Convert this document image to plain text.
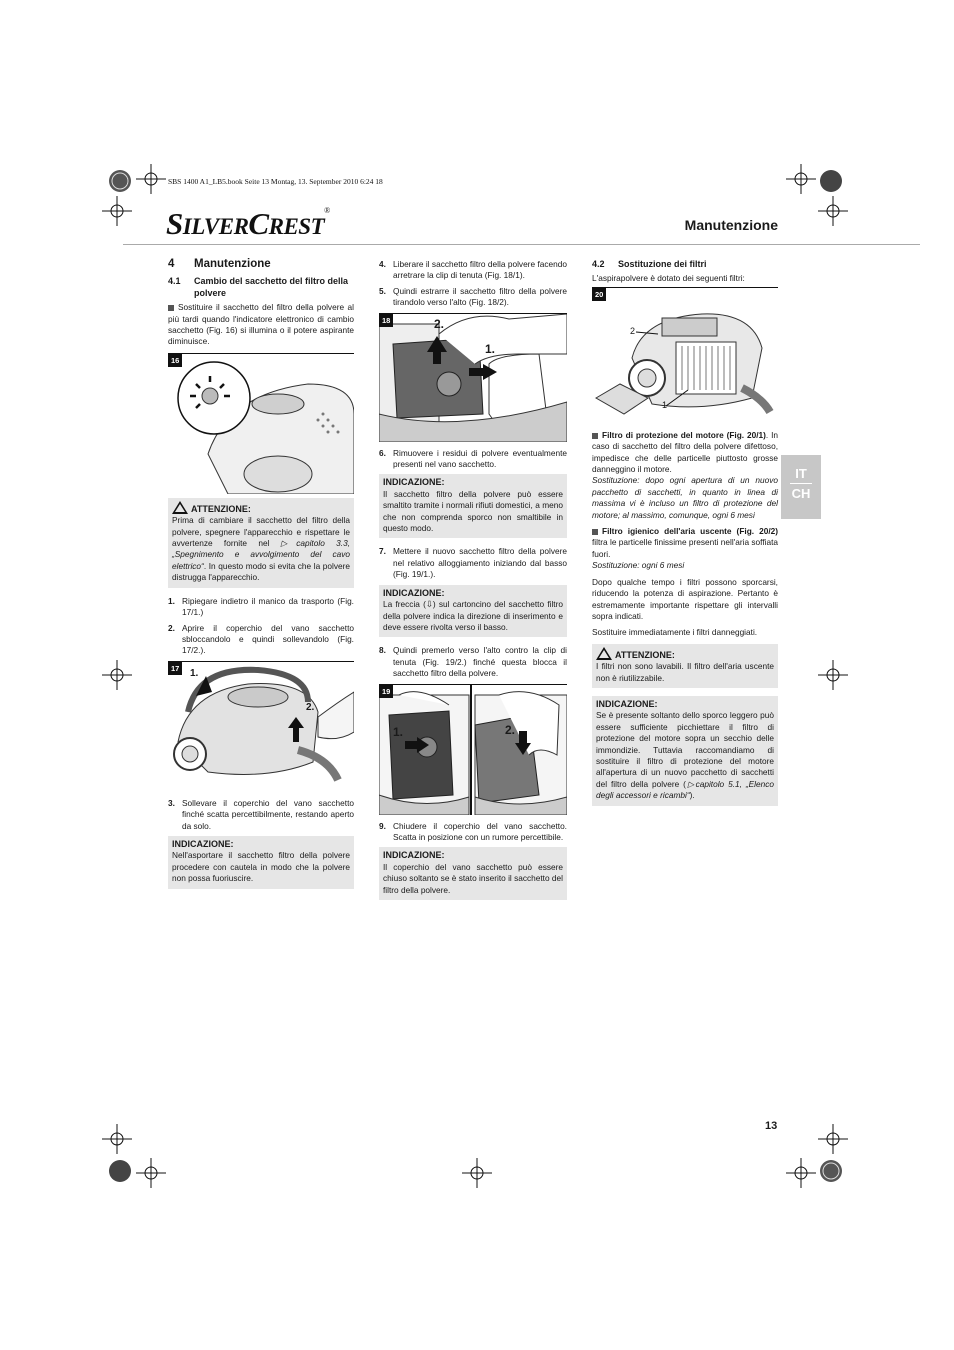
SBS 1400 A1_LB5.book Seite 13 Montag, 13. September 2010 6:24 18
SILVERCREST®
Manutenzione
IT
CH
4 Manutenzione
4.1	Cambio del sacchetto del filtro della polvere

Sostituire il sacchetto del filtro della polvere al più tardi quando l'indicatore elettronico di cambio sacchetto (Fig. 16) si illumina o il potere aspirante diminuisce.

16
ATTENZIONE:
Prima di cambiare il sacchetto del filtro della polvere, spegnere l'apparecchio e rispettare le avvertenze fornite nel ▷capitolo 3.3, „Spegnimento e avvolgimento del cavo elettrico“. In questo modo si evita che la polvere distrugga l'apparecchio.
1. Ripiegare indietro il manico da trasporto (Fig. 17/1.)
2. Aprire il coperchio del vano sacchetto sbloccandolo e quindi sollevandolo (Fig. 17/2.).
17	1.
2.
3. Sollevare il coperchio del vano sacchetto finché scatta percettibilmente, restando aperto da solo.
INDICAZIONE:
Nell'asportare il sacchetto filtro della polvere procedere con cautela in modo che la polvere non possa fuoriuscire.
4. Liberare il sacchetto filtro della polvere facendo arretrare la clip di tenuta (Fig. 18/1).
5. Quindi estrarre il sacchetto filtro della polvere tirandolo verso l'alto (Fig. 18/2).
18	2.
1.
6. Rimuovere i residui di polvere eventualmente presenti nel vano sacchetto.
INDICAZIONE:
Il sacchetto filtro della polvere può essere smaltito tramite i normali rifiuti domestici, a meno che non comprenda sporco non smaltibile in questo modo.
7. Mettere il nuovo sacchetto filtro della polvere nel relativo alloggiamento iniziando dal basso (Fig. 19/1.).
INDICAZIONE:
La freccia (⇩) sul cartoncino del sacchetto filtro della polvere indica la direzione di inserimento e deve essere rivolta verso il basso.
8. Quindi premerlo verso l'alto contro la clip di tenuta (Fig. 19/2.) finché questa blocca il sacchetto filtro della polvere.
19
1.	2.
9. Chiudere il coperchio del vano sacchetto. Scatta in posizione con un rumore percettibile.
INDICAZIONE:
Il coperchio del vano sacchetto può essere chiuso soltanto se è stato inserito il sacchetto del filtro della polvere.
4.2	Sostituzione dei filtri

L'aspirapolvere è dotato dei seguenti filtri:

20
2
1

Filtro di protezione del motore (Fig. 20/1). In caso di sacchetto del filtro della polvere difettoso, impedisce che delle particelle piuttosto grosse danneggino il motore.

Sostituzione: dopo ogni apertura di un nuovo pacchetto di sacchetti, in quanto in linea di massima vi è incluso un filtro di protezione del motore; al massimo, comunque, ogni 6 mesi

Filtro igienico dell'aria uscente (Fig. 20/2) filtra le particelle finissime presenti nell'aria soffiata fuori.

Sostituzione: ogni 6 mesi

Dopo qualche tempo i filtri possono sporcarsi, riducendo la potenza di aspirazione. Pertanto è estremamente importante rispettare gli intervalli sopra indicati.

Sostituire immediatamente i filtri danneggiati.

ATTENZIONE:
I filtri non sono lavabili. Il filtro dell'aria uscente non è riutilizzabile.
INDICAZIONE:
Se è presente soltanto dello sporco leggero può essere sufficiente picchiettare il filtro di protezione del motore sopra un secchio delle immondizie. Tuttavia raccomandiamo di sostituire il filtro di protezione del motore all'apertura di un nuovo pacchetto di sacchetti del filtro della polvere (▷capitolo 5.1, „Elenco degli accessori e ricambi“).
13
